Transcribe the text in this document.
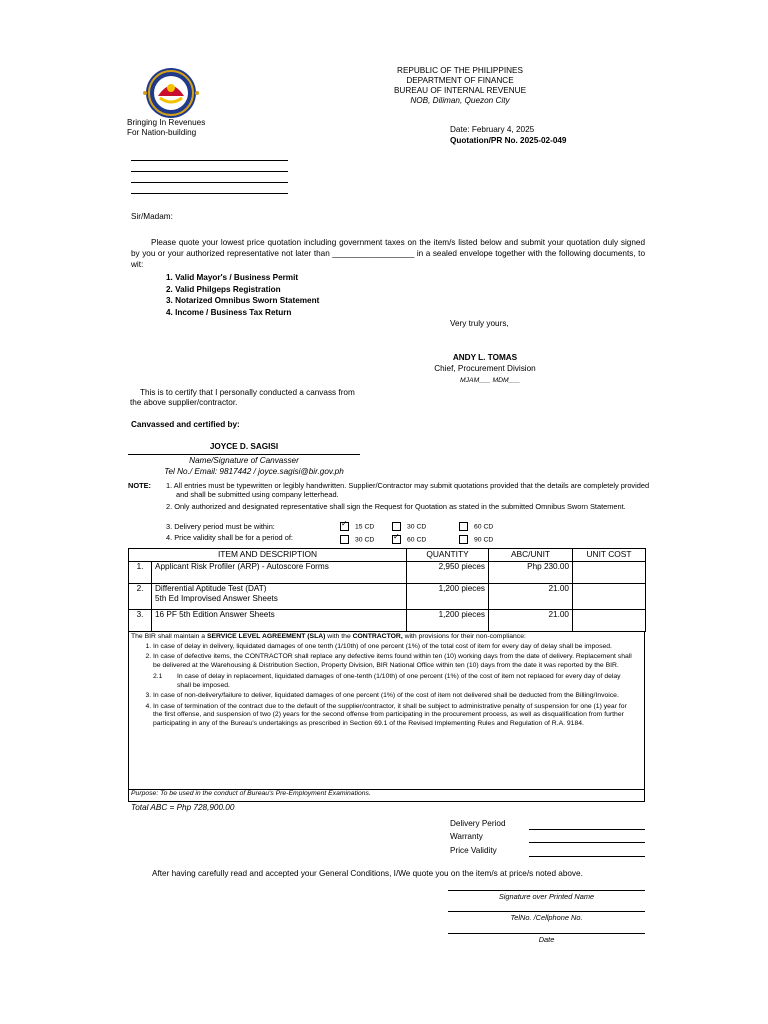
REPUBLIC OF THE PHILIPPINES
DEPARTMENT OF FINANCE
BUREAU OF INTERNAL REVENUE
NOB, Diliman, Quezon City
Bringing In Revenues
For Nation-building	Date: February 4, 2025
Quotation/PR No. 2025-02-049
Sir/Madam:
Please quote your lowest price quotation including government taxes on the item/s listed below and submit your quotation duly signed by you or your authorized representative not later than __________________ in a sealed envelope together with the following documents, to wit:
1. Valid Mayor's / Business Permit
2. Valid Philgeps Registration
3. Notarized Omnibus Sworn Statement
4. Income / Business Tax Return
Very truly yours,
ANDY L. TOMAS
Chief, Procurement Division
MJAM___ MDM___
This is to certify that I personally conducted a canvass from the above supplier/contractor.
Canvassed and certified by:
JOYCE D. SAGISI
Name/Signature of Canvasser
Tel No./ Email: 9817442 / joyce.sagisi@bir.gov.ph
NOTE: 1. All entries must be typewritten or legibly handwritten. Supplier/Contractor may submit quotations provided that the details are completely provided and shall be submitted using company letterhead.
2. Only authorized and designated representative shall sign the Request for Quotation as stated in the submitted Omnibus Sworn Statement.
3. Delivery period must be within:
4. Price validity shall be for a period of:
✓15 CD	30 CD	60 CD
30 CD ✓	60 CD	90 CD
ITEM AND DESCRIPTION		QUANTITY	ABC/UNIT	UNIT COST
1.	Applicant Risk Profiler (ARP) - Autoscore Forms	2,950 pieces	Php 230.00	
2.	Differential Aptitude Test (DAT)
5th Ed Improvised Answer Sheets	1,200 pieces	21.00	
3.	16 PF 5th Edition Answer Sheets	1,200 pieces	21.00	
The BIR shall maintain a SERVICE LEVEL AGREEMENT (SLA) with the CONTRACTOR, with provisions for their non-compliance:
1. In case of delay in delivery, liquidated damages of one tenth (1/10th) of one percent (1%) of the total cost of item for every day of delay shall be imposed.
2. In case of defective items, the CONTRACTOR shall replace any defective items found within ten (10) working days from the date of delivery. Replacement shall be delivered at the Warehousing & Distribution Section, Property Division, BIR National Office within ten (10) days from the date it was reported by the BIR.
2.1	In case of delay in replacement, liquidated damages of one-tenth (1/10th) of one percent (1%) of the cost of item not replaced for every day of delay shall be imposed.
3. In case of non-delivery/failure to deliver, liquidated damages of one percent (1%) of the cost of item not delivered shall be deducted from the Billing/Invoice.
4. In case of termination of the contract due to the default of the supplier/contractor, it shall be subject to administrative penalty of suspension for one (1) year for the first offense, and suspension of two (2) years for the second offense from participating in the procurement process, as well as disqualification from further participating in any of the Bureau's undertakings as prescribed in Section 69.1 of the Revised Implementing Rules and Regulation of R.A. 9184.
Purpose: To be used in the conduct of Bureau's Pre-Employment Examinations.
Total ABC = Php 728,900.00
Delivery Period
Warranty
Price Validity
After having carefully read and accepted your General Conditions, I/We quote you on the item/s at price/s noted above.
Signature over Printed Name
TelNo. /Cellphone No.
Date
